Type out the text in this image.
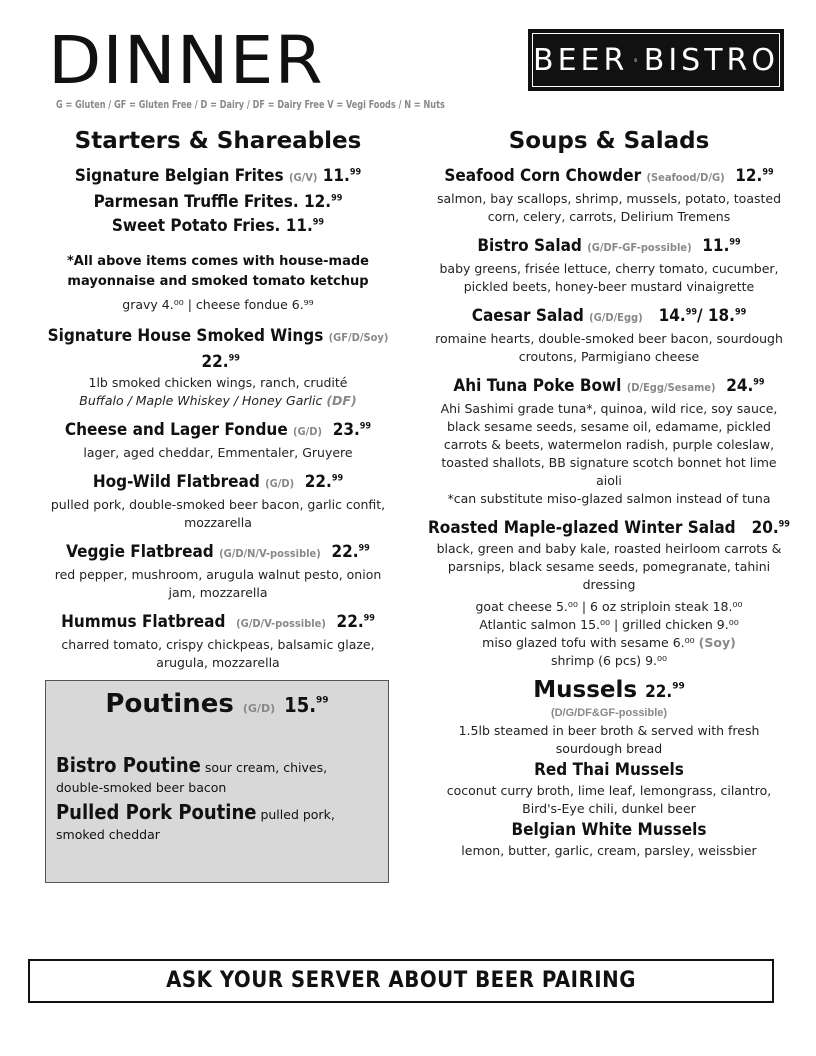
DINNER
G = Gluten / GF = Gluten Free / D = Dairy / DF = Dairy Free V = Vegi Foods / N = Nuts
BEER BISTRO
Starters & Shareables
Signature Belgian Frites (G/V) 11.99
Parmesan Truffle Frites. 12.99
Sweet Potato Fries. 11.99
*All above items comes with house-made mayonnaise and smoked tomato ketchup
gravy 4.⁰⁰ | cheese fondue 6.⁹⁹
Signature House Smoked Wings (GF/D/Soy)  22.99
1lb smoked chicken wings, ranch, crudité
Buffalo / Maple Whiskey / Honey Garlic (DF)
Cheese and Lager Fondue (G/D) 23.99
lager, aged cheddar, Emmentaler, Gruyere
Hog-Wild Flatbread (G/D) 22.99
pulled pork, double-smoked beer bacon, garlic confit, mozzarella
Veggie Flatbread (G/D/N/V-possible) 22.99
red pepper, mushroom, arugula walnut pesto, onion jam, mozzarella
Hummus Flatbread (G/D/V-possible) 22.99
charred tomato, crispy chickpeas, balsamic glaze, arugula, mozzarella
Poutines (G/D) 15.99
Bistro Poutine sour cream, chives, double-smoked beer bacon
Pulled Pork Poutine pulled pork, smoked cheddar
Soups & Salads
Seafood Corn Chowder (Seafood/D/G) 12.99
salmon, bay scallops, shrimp, mussels, potato, toasted corn, celery, carrots, Delirium Tremens
Bistro Salad (G/DF-GF-possible) 11.99
baby greens, frisée lettuce, cherry tomato, cucumber, pickled beets, honey-beer mustard vinaigrette
Caesar Salad (G/D/Egg) 14.99/ 18.99
romaine hearts, double-smoked beer bacon, sourdough croutons, Parmigiano cheese
Ahi Tuna Poke Bowl (D/Egg/Sesame) 24.99
Ahi Sashimi grade tuna*, quinoa, wild rice, soy sauce, black sesame seeds, sesame oil, edamame, pickled carrots & beets, watermelon radish, purple coleslaw, toasted shallots, BB signature scotch bonnet hot lime aioli
*can substitute miso-glazed salmon instead of tuna
Roasted Maple-glazed Winter Salad 20.99
black, green and baby kale, roasted heirloom carrots & parsnips, black sesame seeds, pomegranate, tahini dressing
goat cheese 5.⁰⁰ | 6 oz striploin steak 18.⁰⁰
Atlantic salmon 15.⁰⁰ | grilled chicken 9.⁰⁰
miso glazed tofu with sesame 6.⁰⁰ (Soy)
shrimp (6 pcs) 9.⁰⁰
Mussels 22.99
(D/G/DF&GF-possible)
1.5lb steamed in beer broth & served with fresh sourdough bread
Red Thai Mussels
coconut curry broth, lime leaf, lemongrass, cilantro, Bird's-Eye chili, dunkel beer
Belgian White Mussels
lemon, butter, garlic, cream, parsley, weissbier
ASK YOUR SERVER ABOUT BEER PAIRING
